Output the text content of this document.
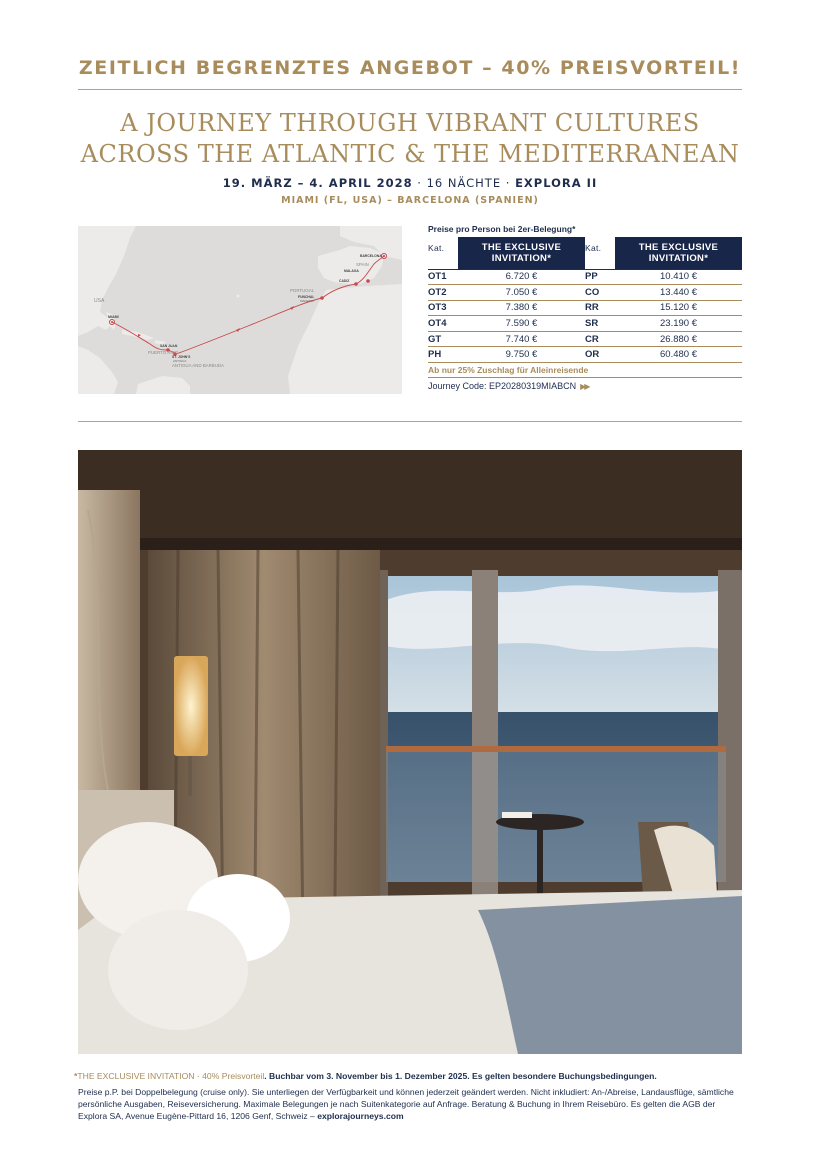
ZEITLICH BEGRENZTES ANGEBOT – 40% PREISVORTEIL!
A JOURNEY THROUGH VIBRANT CULTURES
ACROSS THE ATLANTIC & THE MEDITERRANEAN
19. MÄRZ – 4. APRIL 2028 · 16 NÄCHTE · EXPLORA II
MIAMI (FL, USA) – BARCELONA (SPANIEN)
USA
MIAMI
SAN JUAN
PUERTO RICO
ST. JOHN'S
ANTIGUA
ANTIGUA AND BARBUDA
PORTUGAL
FUNCHAL
MADEIRA
SPAIN
BARCELONA
MALAGA
CADIZ
Preise pro Person bei 2er-Belegung*
Kat.	THE EXCLUSIVE INVITATION*	Kat.	THE EXCLUSIVE INVITATION*
OT1	6.720 €	PP	10.410 €
OT2	7.050 €	CO	13.440 €
OT3	7.380 €	RR	15.120 €
OT4	7.590 €	SR	23.190 €
GT	7.740 €	CR	26.880 €
PH	9.750 €	OR	60.480 €
Ab nur 25% Zuschlag für Alleinreisende
Journey Code: EP20280319MIABCN ▶▶
*THE EXCLUSIVE INVITATION · 40% Preisvorteil. Buchbar vom 3. November bis 1. Dezember 2025. Es gelten besondere Buchungsbedingungen.
Preise p.P. bei Doppelbelegung (cruise only). Sie unterliegen der Verfügbarkeit und können jederzeit geändert werden. Nicht inkludiert: An-/Abreise, Landausflüge, sämtliche persönliche Ausgaben, Reiseversicherung. Maximale Belegungen je nach Suitenkategorie auf Anfrage. Beratung & Buchung in Ihrem Reisebüro. Es gelten die AGB der Explora SA, Avenue Eugène-Pittard 16, 1206 Genf, Schweiz – explorajourneys.com
